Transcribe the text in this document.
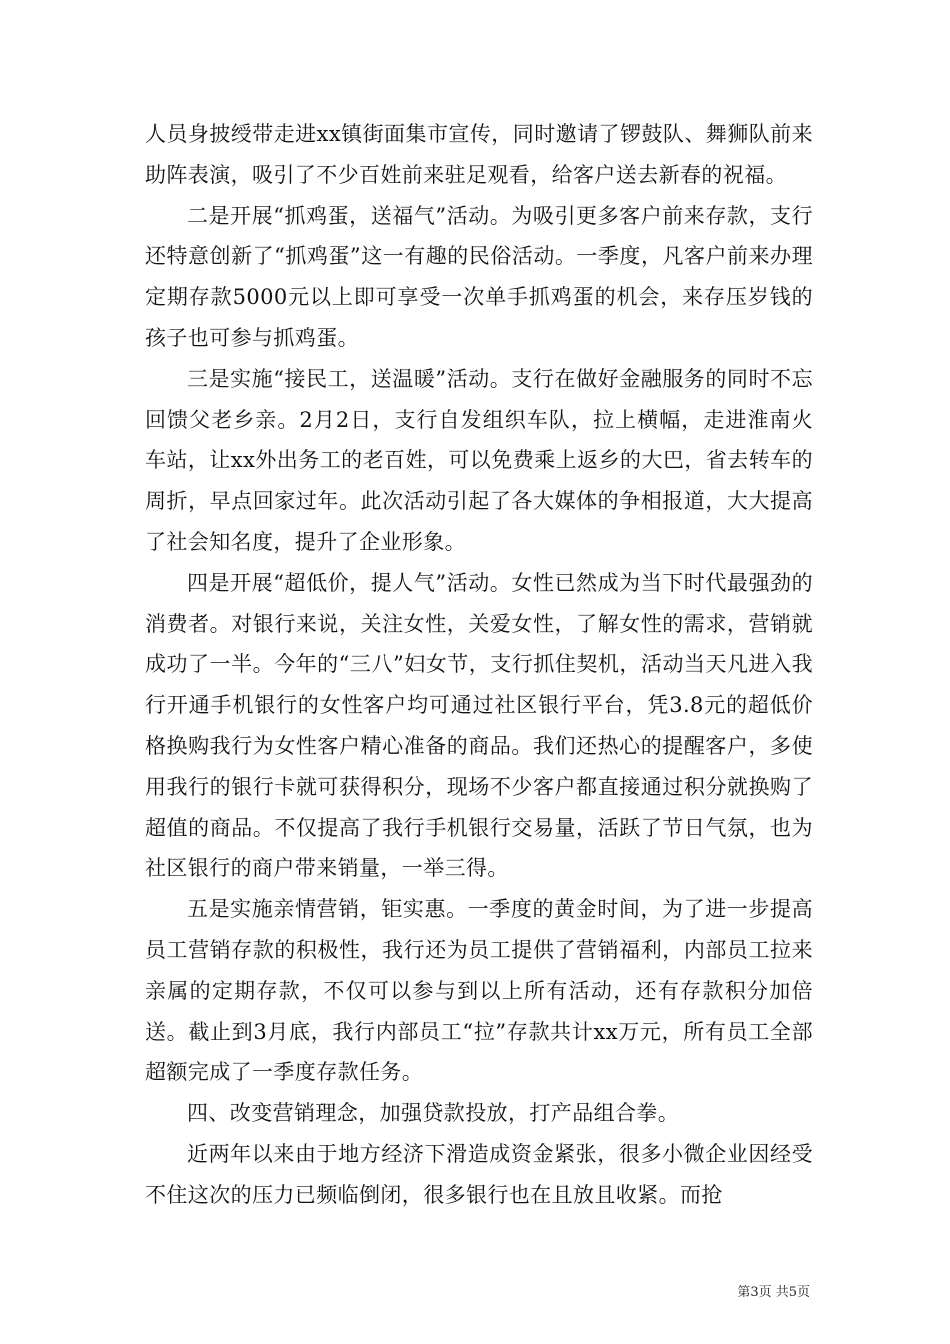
人员身披绶带走进xx镇街面集市宣传，同时邀请了锣鼓队、舞狮队前来助阵表演，吸引了不少百姓前来驻足观看，给客户送去新春的祝福。

二是开展“抓鸡蛋，送福气”活动。为吸引更多客户前来存款，支行还特意创新了“抓鸡蛋”这一有趣的民俗活动。一季度，凡客户前来办理定期存款5000元以上即可享受一次单手抓鸡蛋的机会，来存压岁钱的孩子也可参与抓鸡蛋。

三是实施“接民工，送温暖”活动。支行在做好金融服务的同时不忘回馈父老乡亲。2月2日，支行自发组织车队，拉上横幅，走进淮南火车站，让xx外出务工的老百姓，可以免费乘上返乡的大巴，省去转车的周折，早点回家过年。此次活动引起了各大媒体的争相报道，大大提高了社会知名度，提升了企业形象。

四是开展“超低价，提人气”活动。女性已然成为当下时代最强劲的消费者。对银行来说，关注女性，关爱女性，了解女性的需求，营销就成功了一半。今年的“三八”妇女节，支行抓住契机，活动当天凡进入我行开通手机银行的女性客户均可通过社区银行平台，凭3.8元的超低价格换购我行为女性客户精心准备的商品。我们还热心的提醒客户，多使用我行的银行卡就可获得积分，现场不少客户都直接通过积分就换购了超值的商品。不仅提高了我行手机银行交易量，活跃了节日气氛，也为社区银行的商户带来销量，一举三得。

五是实施亲情营销，钜实惠。一季度的黄金时间，为了进一步提高员工营销存款的积极性，我行还为员工提供了营销福利，内部员工拉来亲属的定期存款，不仅可以参与到以上所有活动，还有存款积分加倍送。截止到3月底，我行内部员工“拉”存款共计xx万元，所有员工全部超额完成了一季度存款任务。

四、改变营销理念，加强贷款投放，打产品组合拳。

近两年以来由于地方经济下滑造成资金紧张，很多小微企业因经受不住这次的压力已频临倒闭，很多银行也在且放且收紧。而抢

第3页 共5页
